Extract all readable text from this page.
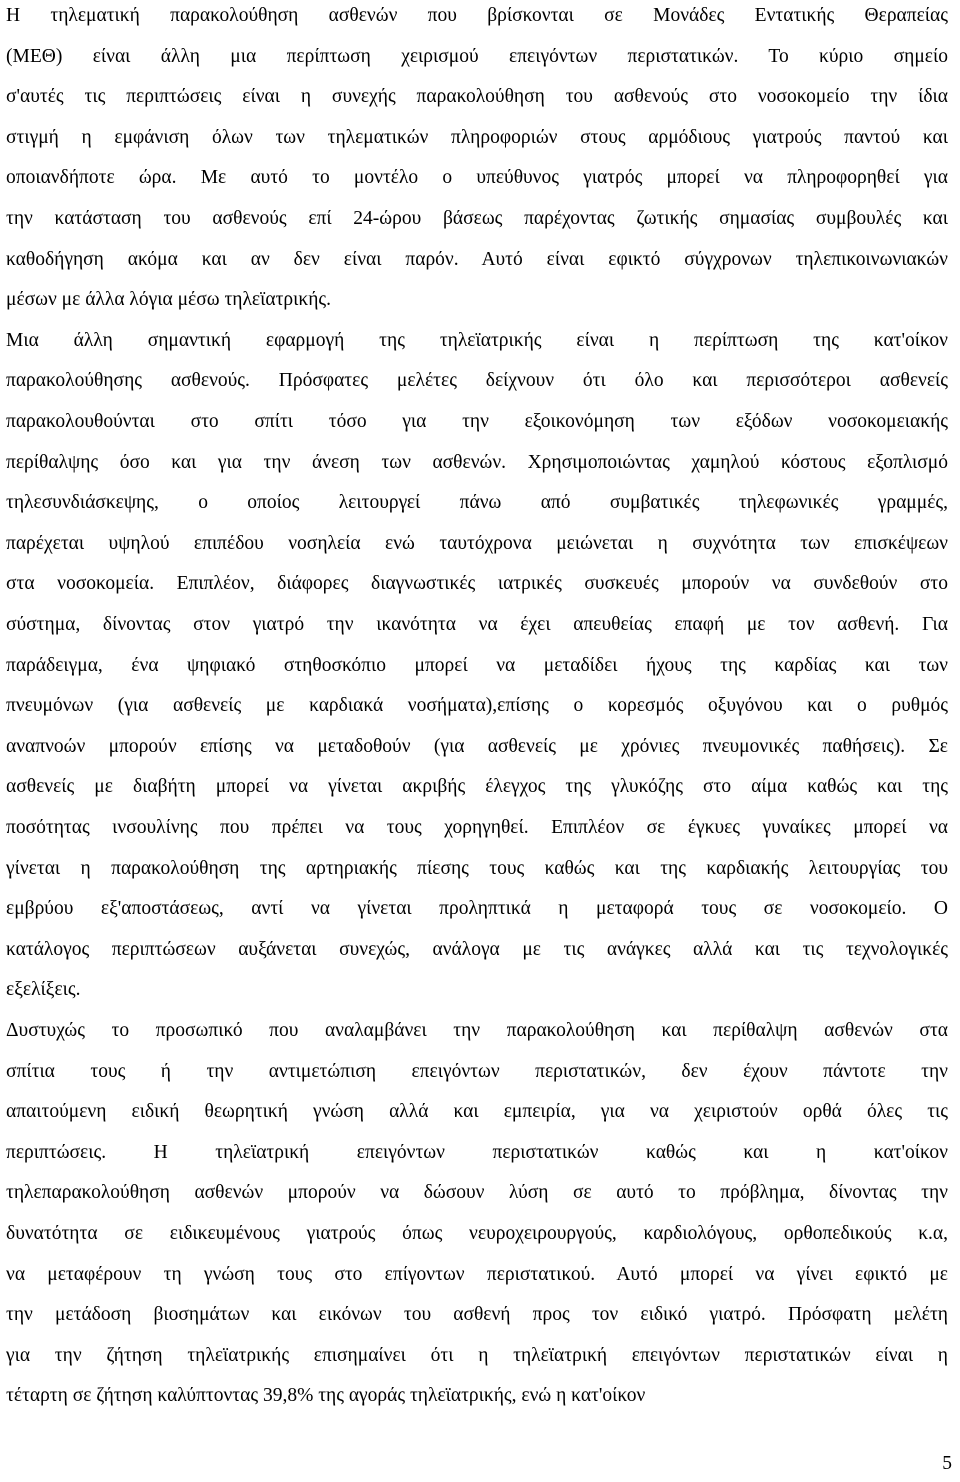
Η τηλεματική παρακολούθηση ασθενών που βρίσκονται σε Μονάδες Εντατικής Θεραπείας
(ΜΕΘ) είναι άλλη μια περίπτωση χειρισμού επειγόντων περιστατικών. Το κύριο σημείο
σ'αυτές τις περιπτώσεις είναι η συνεχής παρακολούθηση του ασθενούς στο νοσοκομείο την ίδια
στιγμή η εμφάνιση όλων των τηλεματικών πληροφοριών στους αρμόδιους γιατρούς παντού και
οποιανδήποτε ώρα. Με αυτό το μοντέλο ο υπεύθυνος γιατρός μπορεί να πληροφορηθεί για
την κατάσταση του ασθενούς επί 24-ώρου βάσεως παρέχοντας ζωτικής σημασίας συμβουλές και
καθοδήγηση ακόμα και αν δεν είναι παρόν. Αυτό είναι εφικτό σύγχρονων τηλεπικοινωνιακών
μέσων με άλλα λόγια μέσω τηλεϊατρικής.
Μια άλλη σημαντική εφαρμογή της τηλεϊατρικής είναι η περίπτωση της κατ'οίκον
παρακολούθησης ασθενούς. Πρόσφατες μελέτες δείχνουν ότι όλο και περισσότεροι ασθενείς
παρακολουθούνται στο σπίτι τόσο για την εξοικονόμηση των εξόδων νοσοκομειακής
περίθαλψης όσο και για την άνεση των ασθενών. Χρησιμοποιώντας χαμηλού κόστους εξοπλισμό
τηλεσυνδιάσκεψης, ο οποίος λειτουργεί πάνω από συμβατικές τηλεφωνικές γραμμές,
παρέχεται υψηλού επιπέδου νοσηλεία ενώ ταυτόχρονα μειώνεται η συχνότητα των επισκέψεων
στα νοσοκομεία. Επιπλέον, διάφορες διαγνωστικές ιατρικές συσκευές μπορούν να συνδεθούν στο
σύστημα, δίνοντας στον γιατρό την ικανότητα να έχει απευθείας επαφή με τον ασθενή. Για
παράδειγμα, ένα ψηφιακό στηθοσκόπιο μπορεί να μεταδίδει ήχους της καρδίας και των
πνευμόνων (για ασθενείς με καρδιακά νοσήματα),επίσης ο κορεσμός οξυγόνου και ο ρυθμός
αναπνοών μπορούν επίσης να μεταδοθούν (για ασθενείς με χρόνιες πνευμονικές παθήσεις). Σε
ασθενείς με διαβήτη μπορεί να γίνεται ακριβής έλεγχος της γλυκόζης στο αίμα καθώς και της
ποσότητας ινσουλίνης που πρέπει να τους χορηγηθεί. Επιπλέον σε έγκυες γυναίκες μπορεί να
γίνεται η παρακολούθηση της αρτηριακής πίεσης τους καθώς και της καρδιακής λειτουργίας του
εμβρύου εξ'αποστάσεως, αντί να γίνεται προληπτικά η μεταφορά τους σε νοσοκομείο. Ο
κατάλογος περιπτώσεων αυξάνεται συνεχώς, ανάλογα με τις ανάγκες αλλά και τις τεχνολογικές
εξελίξεις.
Δυστυχώς το προσωπικό που αναλαμβάνει την παρακολούθηση και περίθαλψη ασθενών στα
σπίτια τους ή την αντιμετώπιση επειγόντων περιστατικών, δεν έχουν πάντοτε την
απαιτούμενη ειδική θεωρητική γνώση αλλά και εμπειρία, για να χειριστούν ορθά όλες τις
περιπτώσεις. Η τηλεϊατρική επειγόντων περιστατικών καθώς και η κατ'οίκον
τηλεπαρακολούθηση ασθενών μπορούν να δώσουν λύση σε αυτό το πρόβλημα, δίνοντας την
δυνατότητα σε ειδικευμένους γιατρούς όπως νευροχειρουργούς, καρδιολόγους, ορθοπεδικούς κ.α,
να μεταφέρουν τη γνώση τους στο επίγοντων περιστατικού. Αυτό μπορεί να γίνει εφικτό με
την μετάδοση βιοσημάτων και εικόνων του ασθενή προς τον ειδικό γιατρό. Πρόσφατη μελέτη
για την ζήτηση τηλεϊατρικής επισημαίνει ότι η τηλεϊατρική επειγόντων περιστατικών είναι η
τέταρτη σε ζήτηση καλύπτοντας 39,8% της αγοράς τηλεϊατρικής, ενώ η κατ'οίκον
5
